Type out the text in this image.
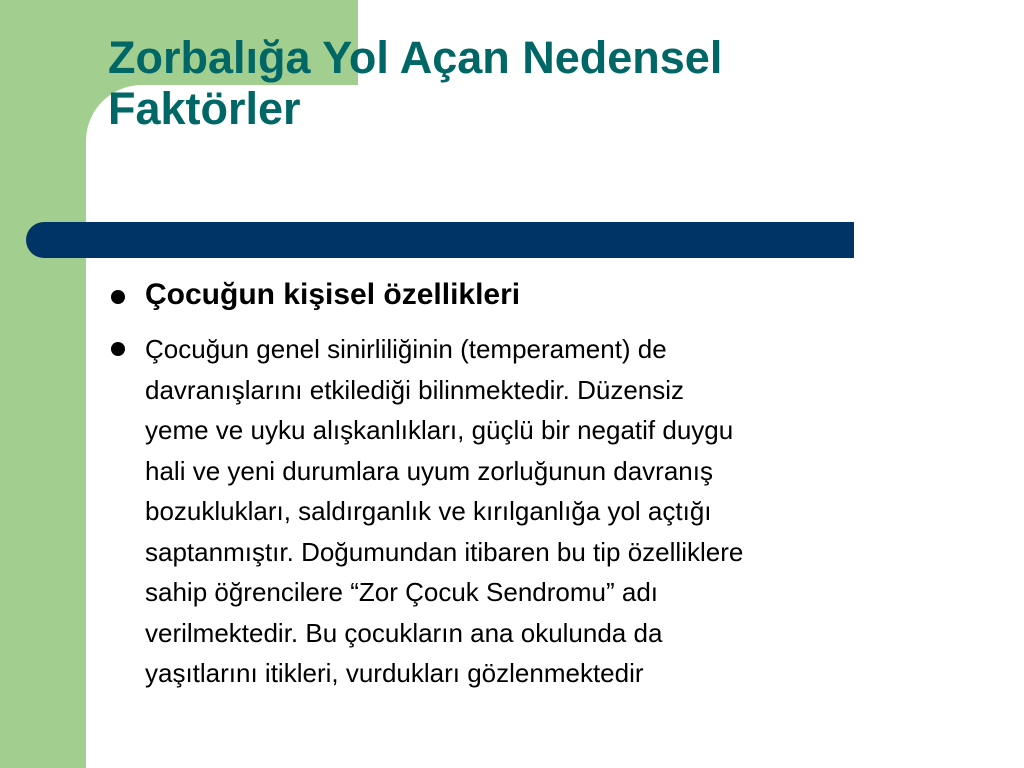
Zorbalığa Yol Açan Nedensel
Faktörler
Çocuğun kişisel özellikleri
Çocuğun genel sinirliliğinin (temperament) de
davranışlarını etkilediği bilinmektedir. Düzensiz
yeme ve uyku alışkanlıkları, güçlü bir negatif duygu
hali ve yeni durumlara uyum zorluğunun davranış
bozuklukları, saldırganlık ve kırılganlığa yol açtığı
saptanmıştır. Doğumundan itibaren bu tip özelliklere
sahip öğrencilere “Zor Çocuk Sendromu” adı
verilmektedir. Bu çocukların ana okulunda da
yaşıtlarını itikleri, vurdukları gözlenmektedir
